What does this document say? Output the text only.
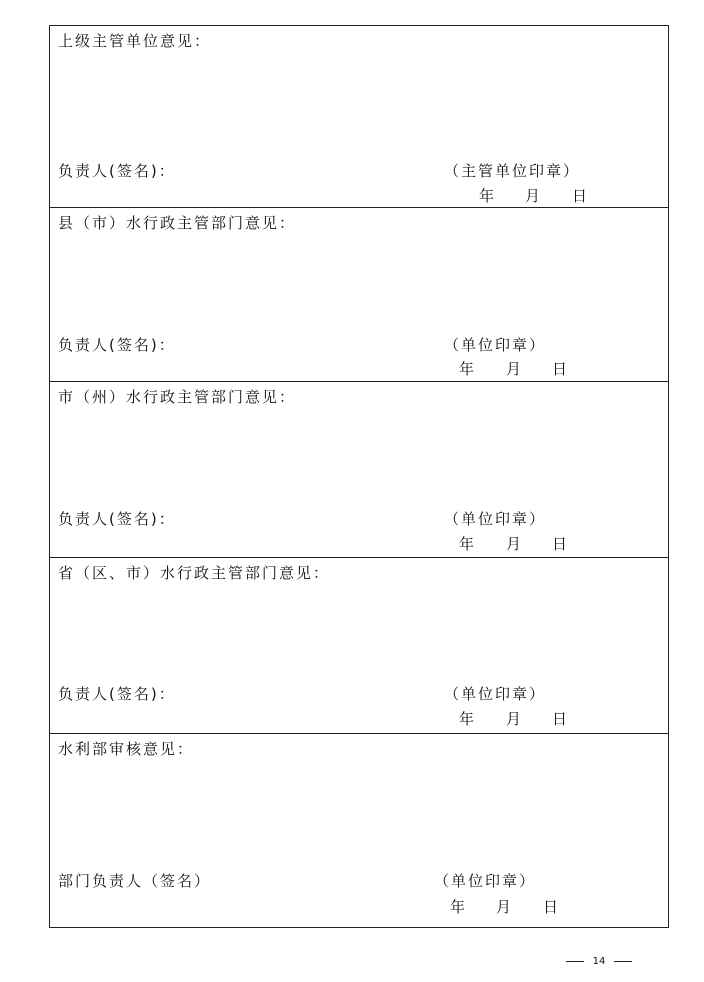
上级主管单位意见：
负责人(签名)：	（主管单位印章）
年 月 日
县（市）水行政主管部门意见：
负责人(签名)：	（单位印章）
年 月 日
市（州）水行政主管部门意见：
负责人(签名)：	（单位印章）
年 月 日
省（区、市）水行政主管部门意见：
负责人(签名)：	（单位印章）
年 月 日
水利部审核意见：
部门负责人（签名）	（单位印章）
年 月 日
14
